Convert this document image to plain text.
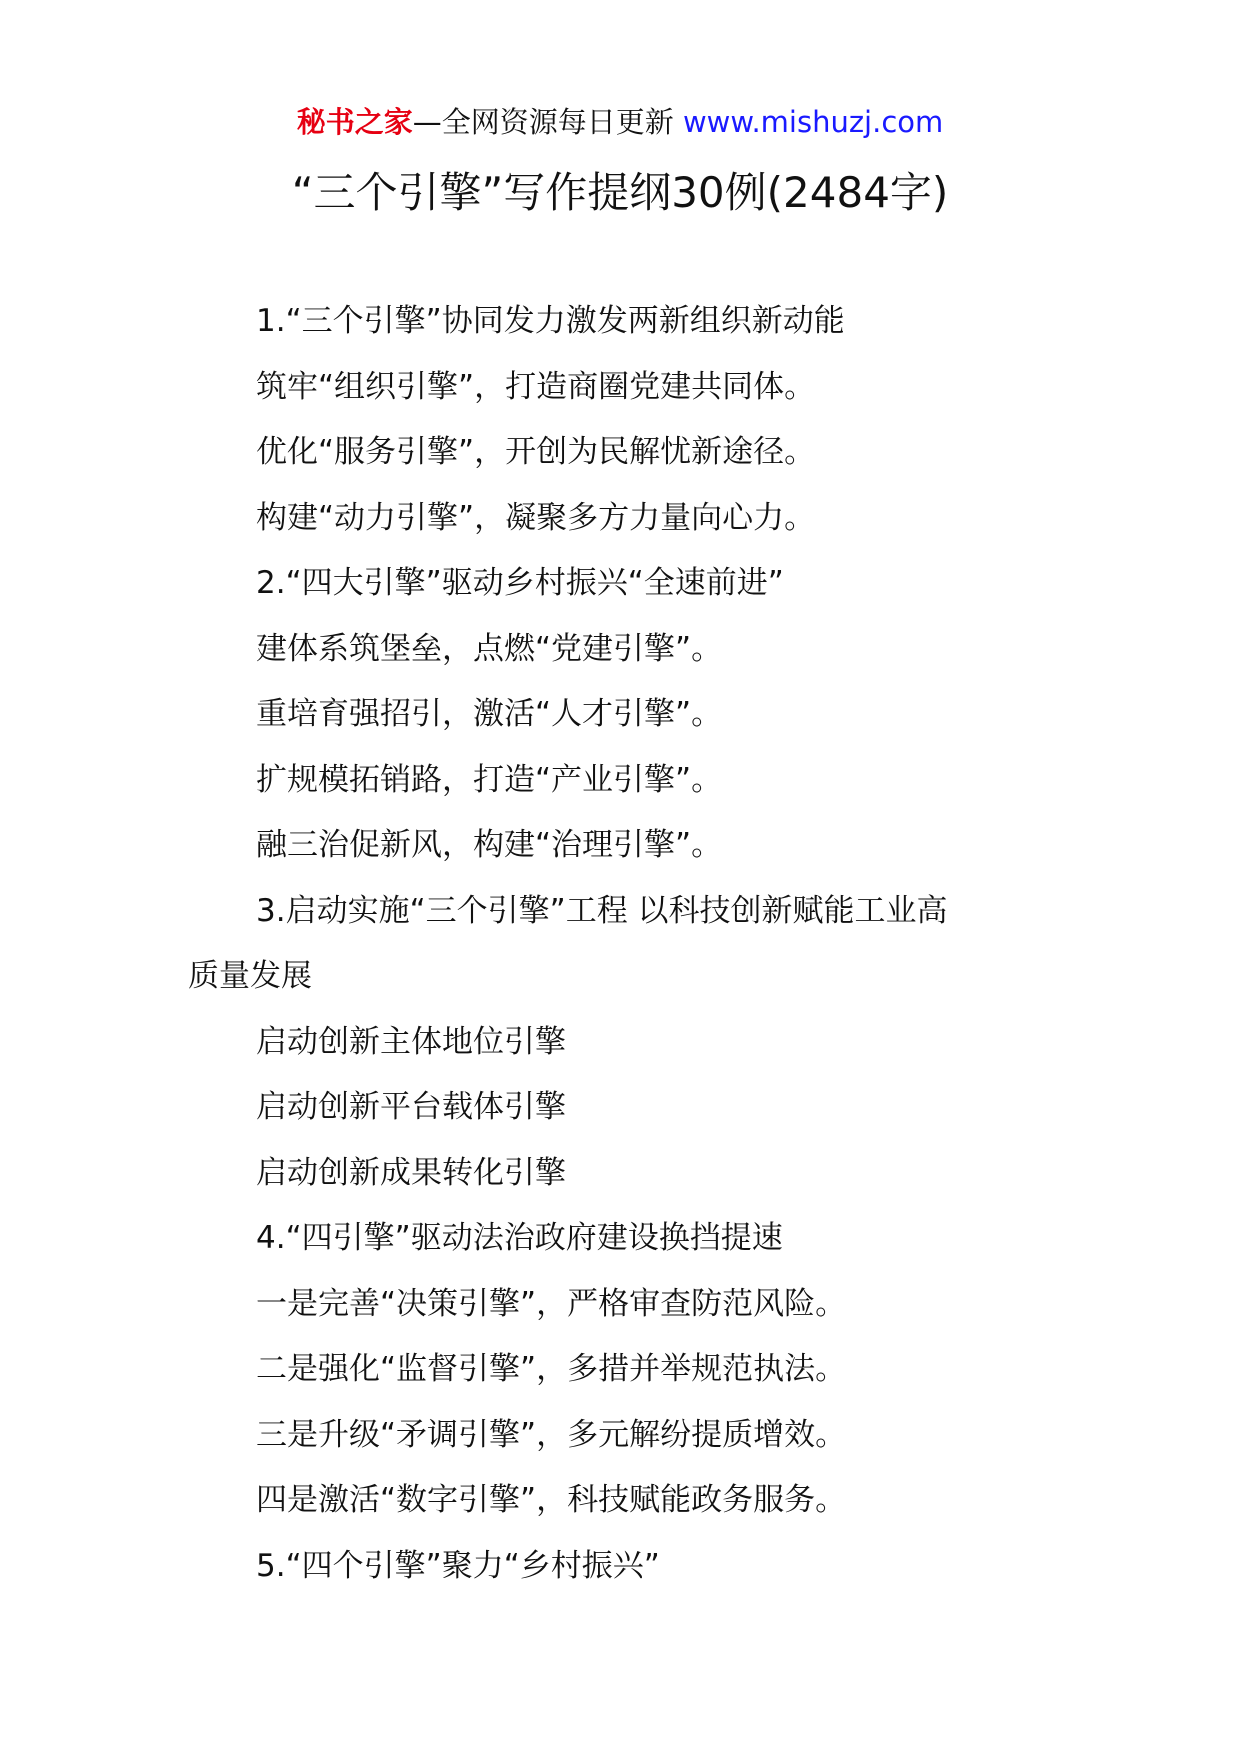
秘书之家—全网资源每日更新 www.mishuzj.com
“三个引擎”写作提纲30例(2484字)
1.“三个引擎”协同发力激发两新组织新动能
筑牢“组织引擎”，打造商圈党建共同体。
优化“服务引擎”，开创为民解忧新途径。
构建“动力引擎”，凝聚多方力量向心力。
2.“四大引擎”驱动乡村振兴“全速前进”
建体系筑堡垒，点燃“党建引擎”。
重培育强招引，激活“人才引擎”。
扩规模拓销路，打造“产业引擎”。
融三治促新风，构建“治理引擎”。
3.启动实施“三个引擎”工程 以科技创新赋能工业高
质量发展
启动创新主体地位引擎
启动创新平台载体引擎
启动创新成果转化引擎
4.“四引擎”驱动法治政府建设换挡提速
一是完善“决策引擎”，严格审查防范风险。
二是强化“监督引擎”，多措并举规范执法。
三是升级“矛调引擎”，多元解纷提质增效。
四是激活“数字引擎”，科技赋能政务服务。
5.“四个引擎”聚力“乡村振兴”
